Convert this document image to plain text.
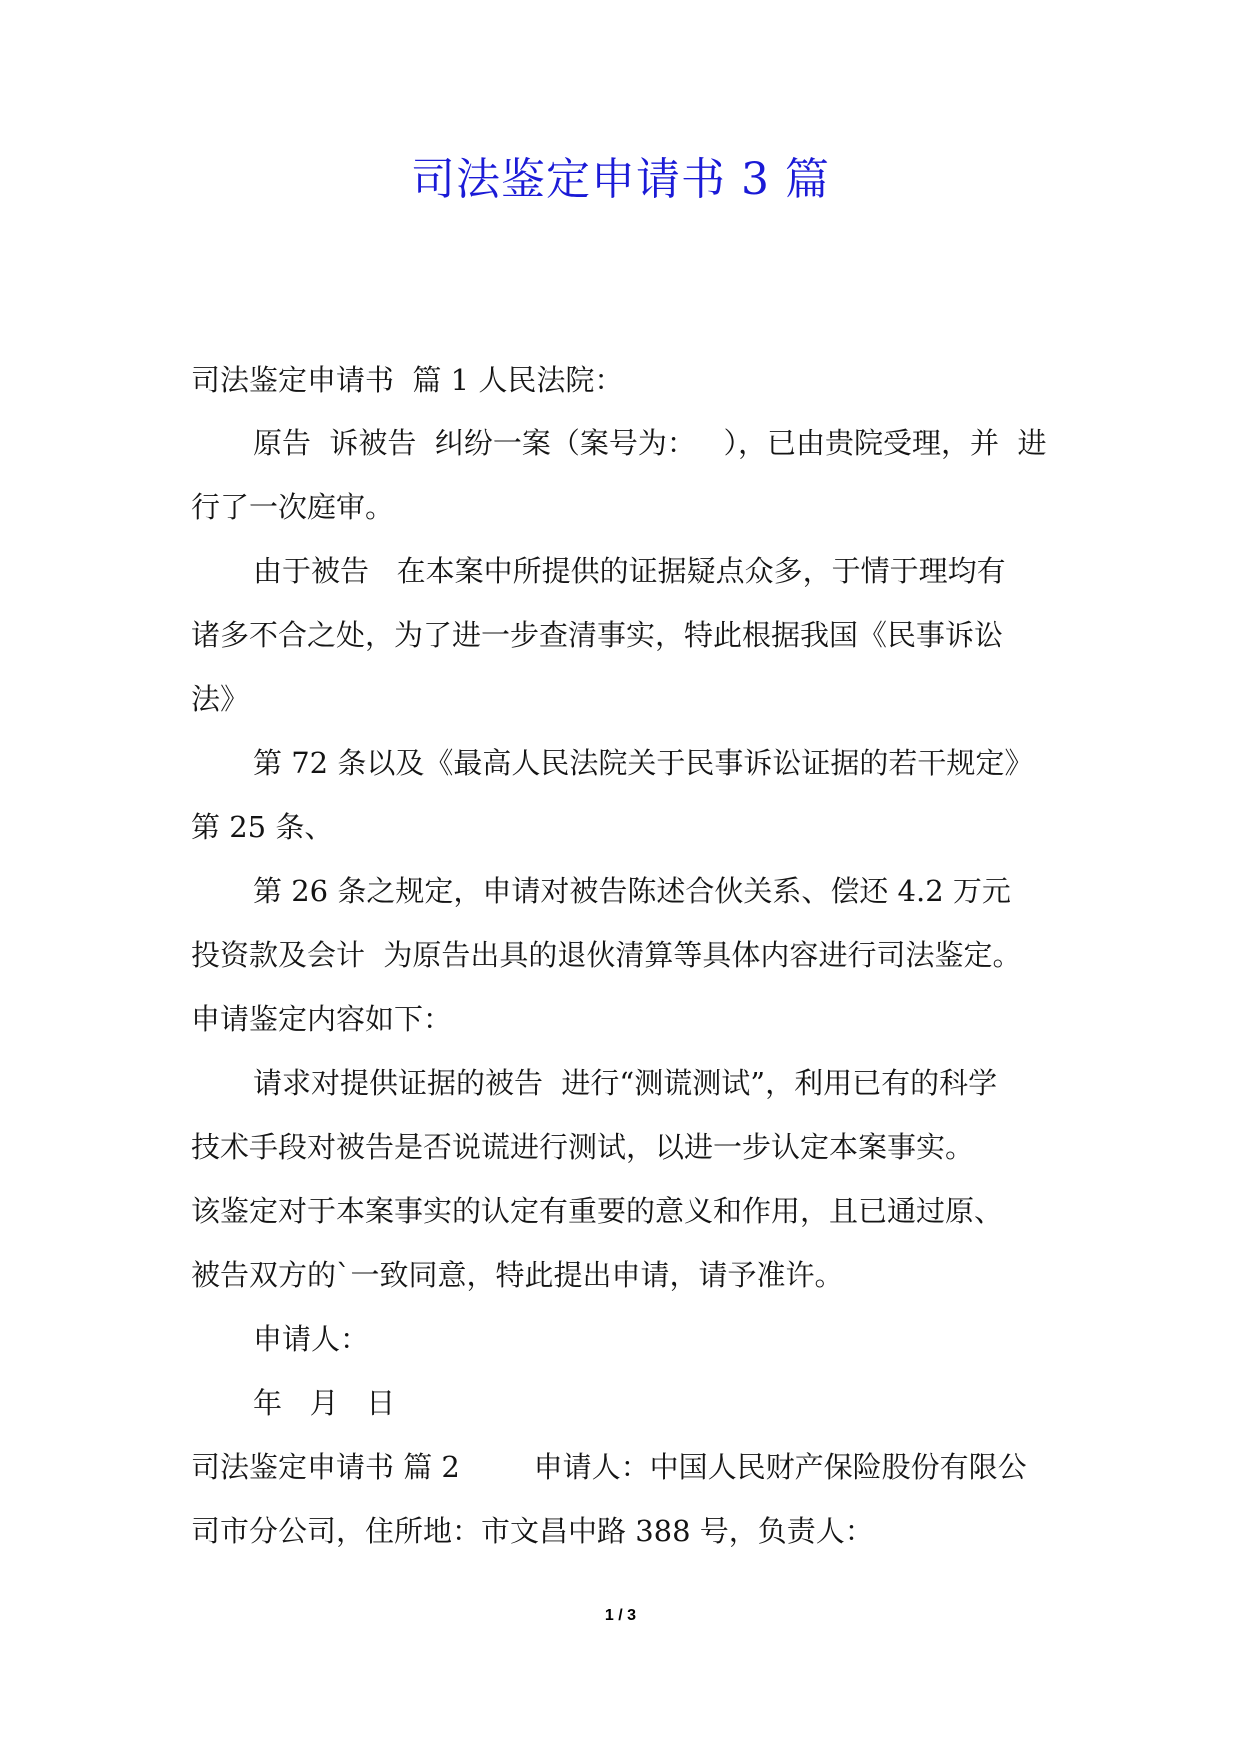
司法鉴定申请书 3 篇
司法鉴定申请书  篇 1 人民法院：
原告  诉被告  纠纷一案（案号为：   ），已由贵院受理，并  进
行了一次庭审。
由于被告   在本案中所提供的证据疑点众多，于情于理均有
诸多不合之处，为了进一步查清事实，特此根据我国《民事诉讼
法》
第 72 条以及《最高人民法院关于民事诉讼证据的若干规定》
第 25 条、
第 26 条之规定，申请对被告陈述合伙关系、偿还 4.2 万元
投资款及会计  为原告出具的退伙清算等具体内容进行司法鉴定。
申请鉴定内容如下：
请求对提供证据的被告  进行“测谎测试”，利用已有的科学
技术手段对被告是否说谎进行测试，以进一步认定本案事实。
该鉴定对于本案事实的认定有重要的意义和作用，且已通过原、
被告双方的`一致同意，特此提出申请，请予准许。
申请人：
年   月   日
司法鉴定申请书 篇 2        申请人：中国人民财产保险股份有限公
司市分公司，住所地：市文昌中路 388 号，负责人：
1 / 3
